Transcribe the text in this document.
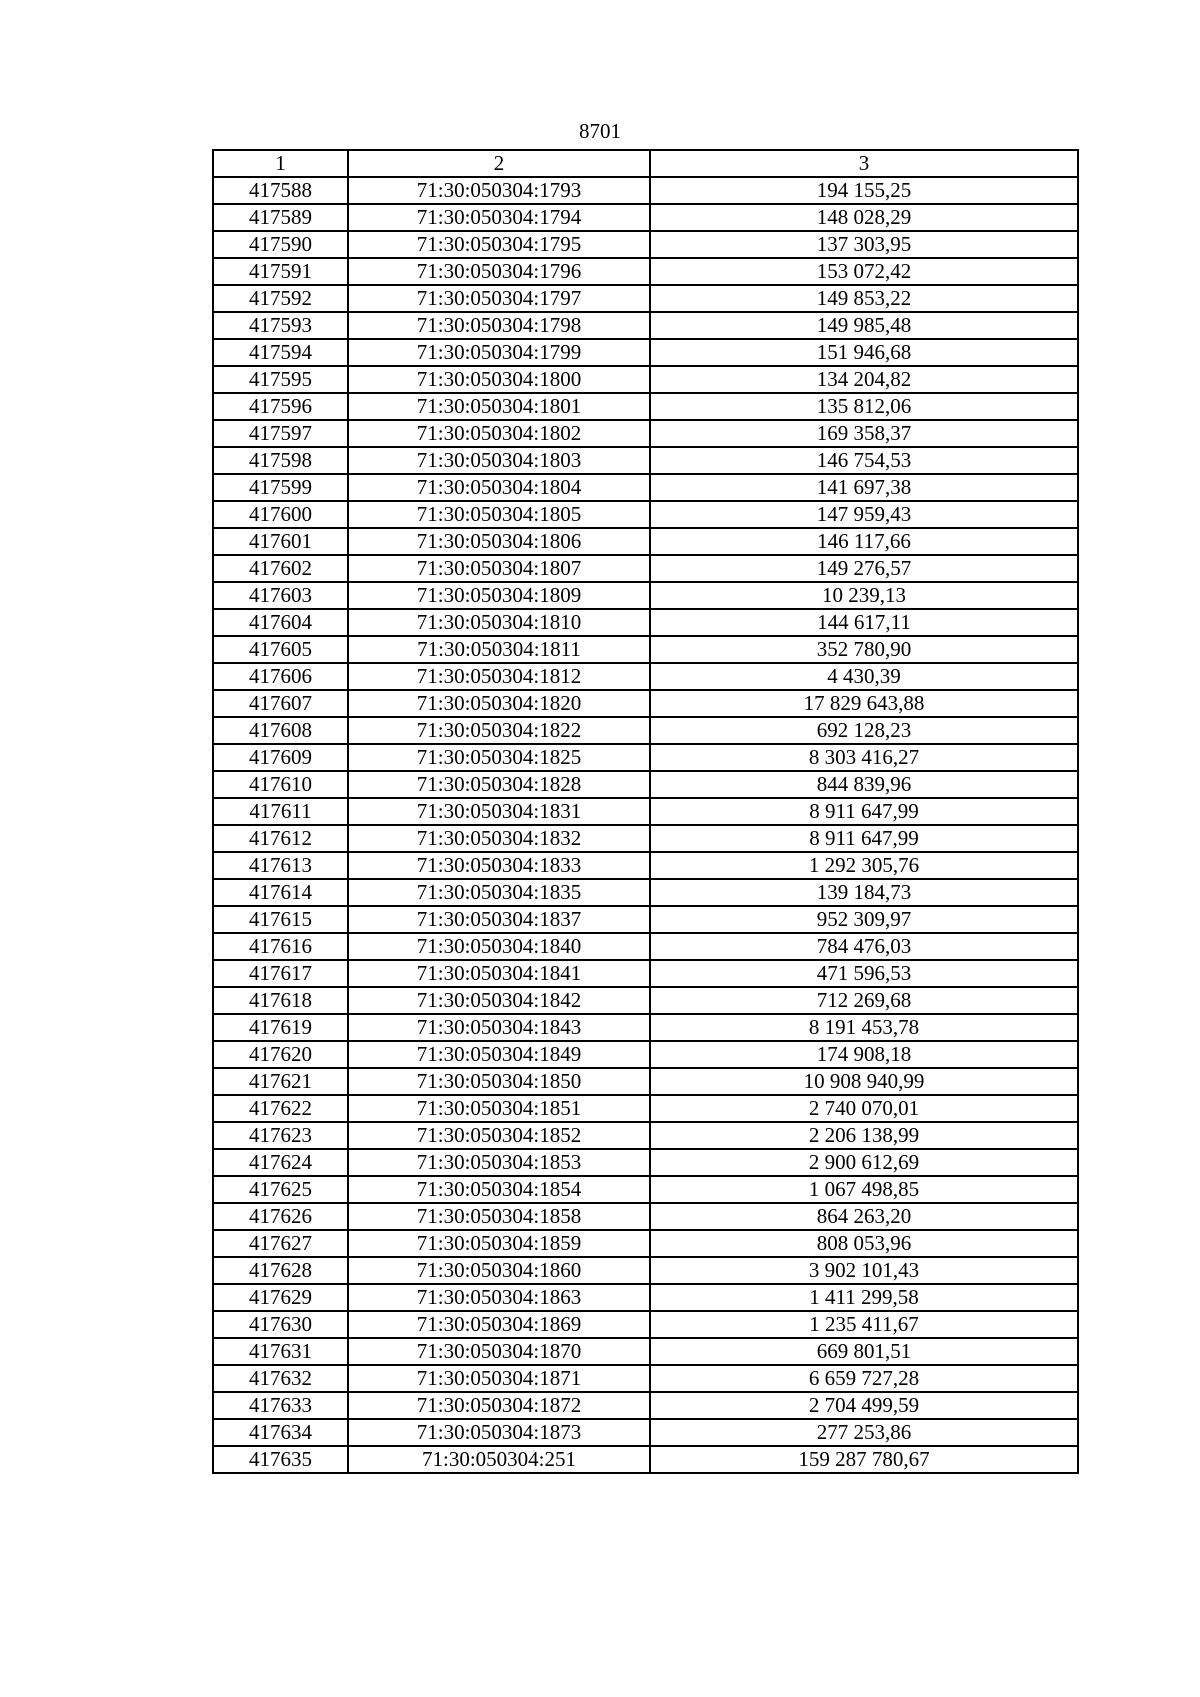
8701
1	2	3
417588	71:30:050304:1793	194 155,25
417589	71:30:050304:1794	148 028,29
417590	71:30:050304:1795	137 303,95
417591	71:30:050304:1796	153 072,42
417592	71:30:050304:1797	149 853,22
417593	71:30:050304:1798	149 985,48
417594	71:30:050304:1799	151 946,68
417595	71:30:050304:1800	134 204,82
417596	71:30:050304:1801	135 812,06
417597	71:30:050304:1802	169 358,37
417598	71:30:050304:1803	146 754,53
417599	71:30:050304:1804	141 697,38
417600	71:30:050304:1805	147 959,43
417601	71:30:050304:1806	146 117,66
417602	71:30:050304:1807	149 276,57
417603	71:30:050304:1809	10 239,13
417604	71:30:050304:1810	144 617,11
417605	71:30:050304:1811	352 780,90
417606	71:30:050304:1812	4 430,39
417607	71:30:050304:1820	17 829 643,88
417608	71:30:050304:1822	692 128,23
417609	71:30:050304:1825	8 303 416,27
417610	71:30:050304:1828	844 839,96
417611	71:30:050304:1831	8 911 647,99
417612	71:30:050304:1832	8 911 647,99
417613	71:30:050304:1833	1 292 305,76
417614	71:30:050304:1835	139 184,73
417615	71:30:050304:1837	952 309,97
417616	71:30:050304:1840	784 476,03
417617	71:30:050304:1841	471 596,53
417618	71:30:050304:1842	712 269,68
417619	71:30:050304:1843	8 191 453,78
417620	71:30:050304:1849	174 908,18
417621	71:30:050304:1850	10 908 940,99
417622	71:30:050304:1851	2 740 070,01
417623	71:30:050304:1852	2 206 138,99
417624	71:30:050304:1853	2 900 612,69
417625	71:30:050304:1854	1 067 498,85
417626	71:30:050304:1858	864 263,20
417627	71:30:050304:1859	808 053,96
417628	71:30:050304:1860	3 902 101,43
417629	71:30:050304:1863	1 411 299,58
417630	71:30:050304:1869	1 235 411,67
417631	71:30:050304:1870	669 801,51
417632	71:30:050304:1871	6 659 727,28
417633	71:30:050304:1872	2 704 499,59
417634	71:30:050304:1873	277 253,86
417635	71:30:050304:251	159 287 780,67
